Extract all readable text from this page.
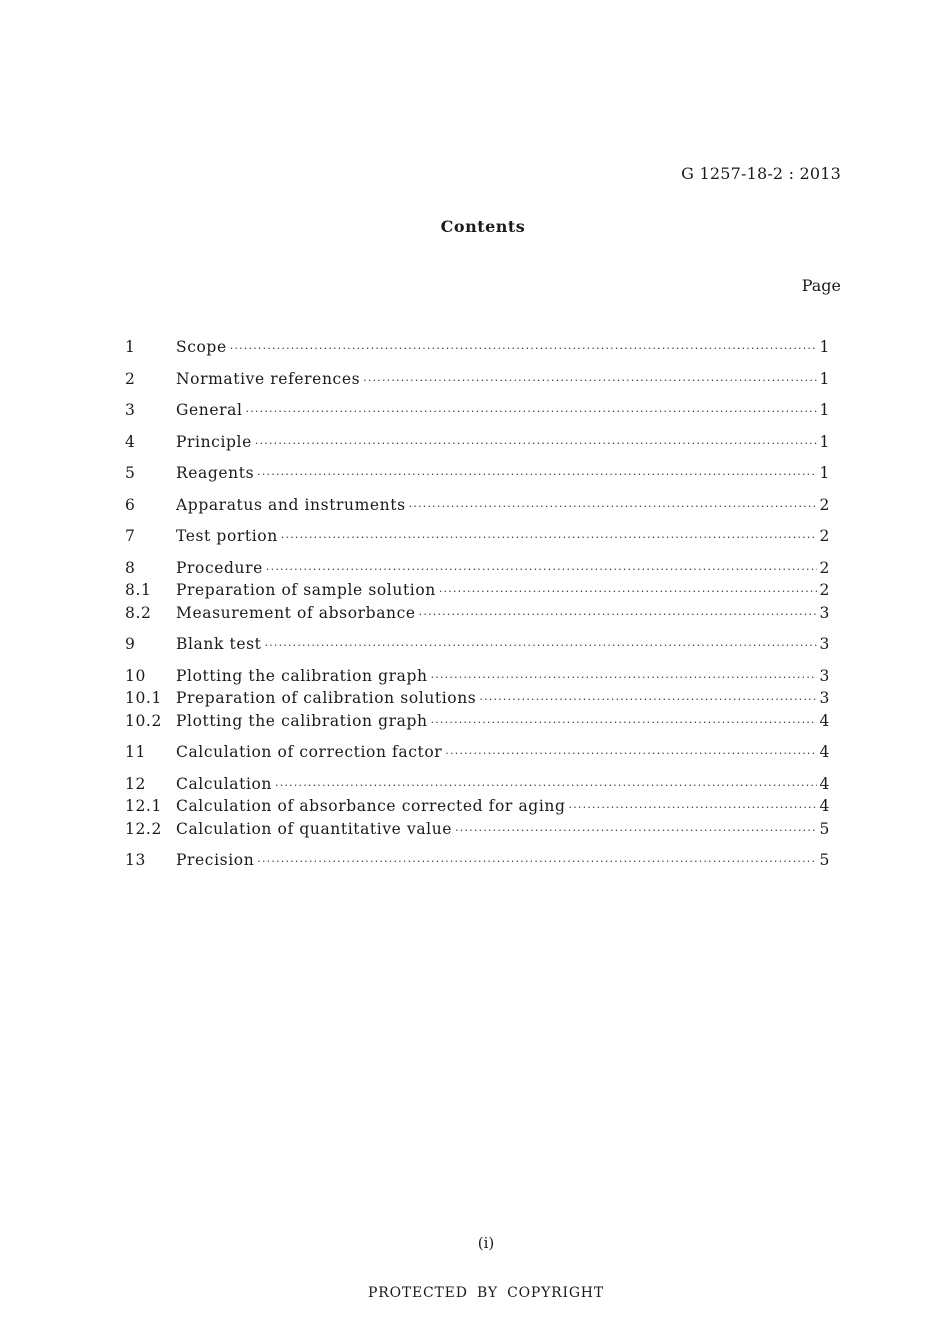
G 1257-18-2 : 2013
Contents
Page
1	Scope ·····	1
2	Normative references ·····	1
3	General ·····	1
4	Principle ·····	1
5	Reagents ·····	1
6	Apparatus and instruments ·····	2
7	Test portion ·····	2
8	Procedure ·····	2
8.1	Preparation of sample solution ·····	2
8.2	Measurement of absorbance ·····	3
9	Blank test ·····	3
10	Plotting the calibration graph ·····	3
10.1 Preparation of calibration solutions ·····	3
10.2 Plotting the calibration graph ·····	4
11	Calculation of correction factor ·····	4
12	Calculation ·····	4
12.1 Calculation of absorbance corrected for aging ·····	4
12.2 Calculation of quantitative value ·····	5
13	Precision ·····	5
(i)
PROTECTED BY COPYRIGHT
